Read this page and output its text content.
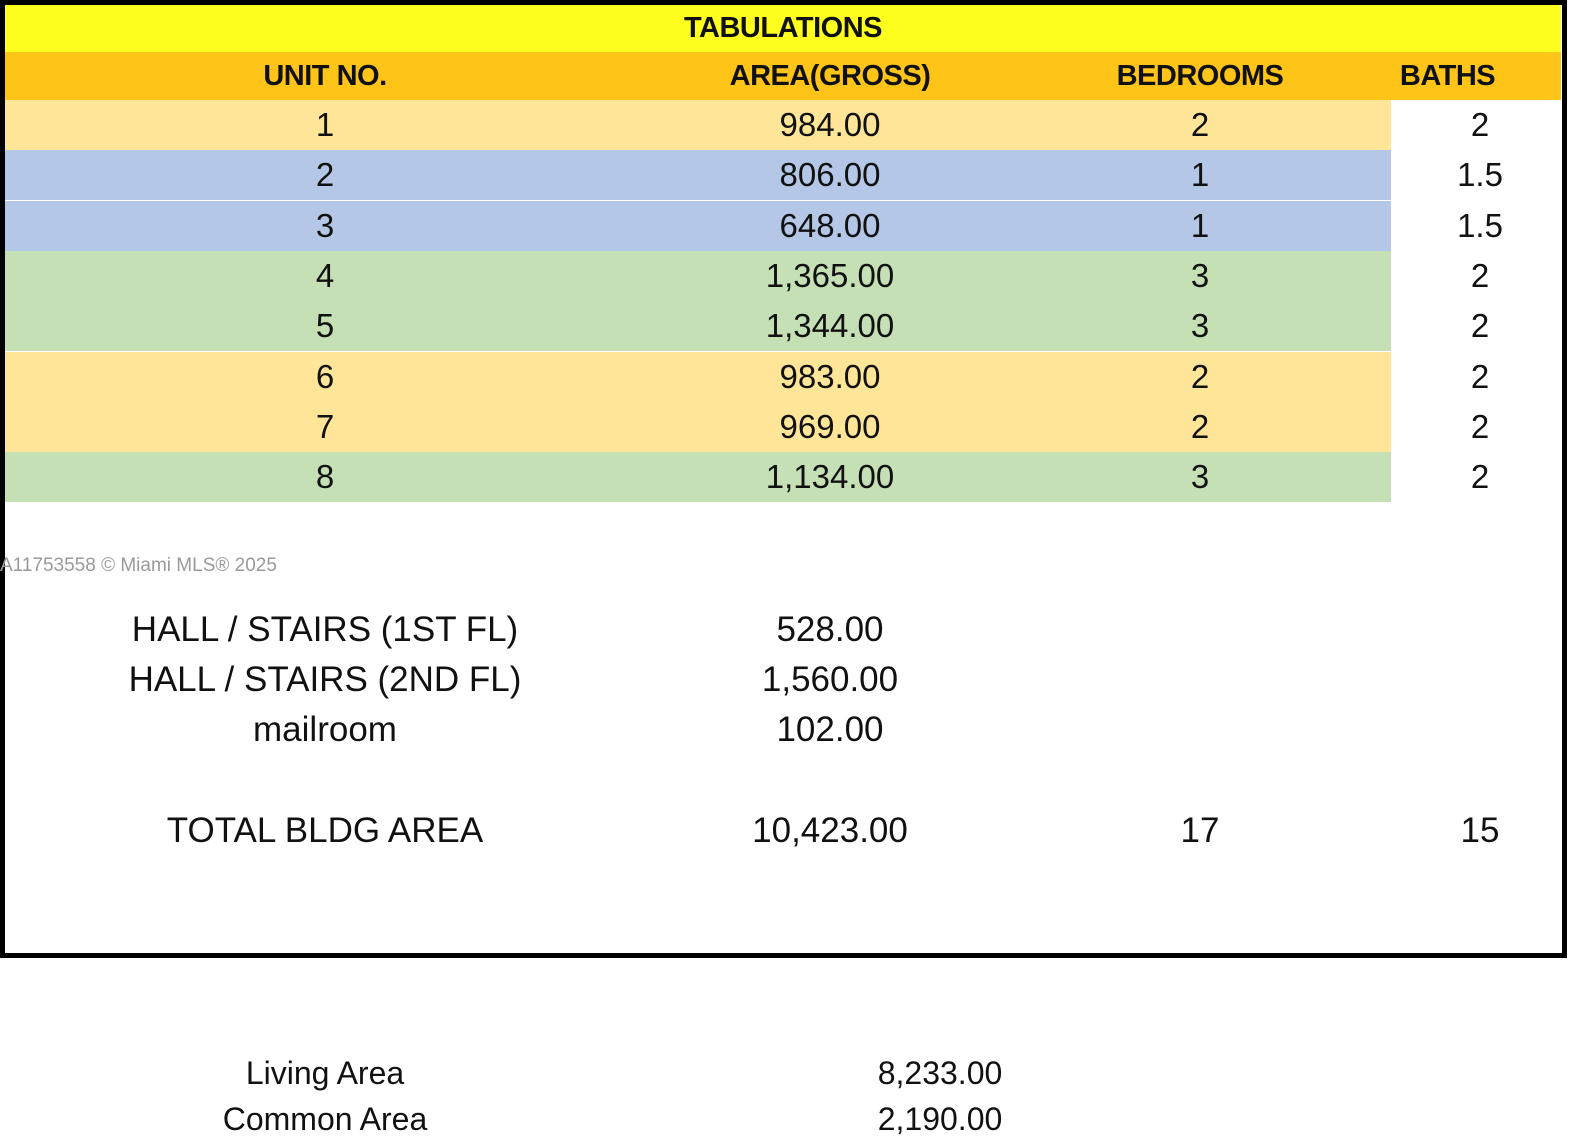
TABULATIONS
UNIT NO.	AREA(GROSS)	BEDROOMS	BATHS
1	984.00	2	2
2	806.00	1	1.5
3	648.00	1	1.5
4	1,365.00	3	2
5	1,344.00	3	2
6	983.00	2	2
7	969.00	2	2
8	1,134.00	3	2
A11753558 © Miami MLS® 2025
HALL / STAIRS (1ST FL)	528.00
HALL / STAIRS (2ND FL)	1,560.00
mailroom	102.00
TOTAL BLDG AREA	10,423.00	17	15
Living Area	8,233.00
Common Area	2,190.00
